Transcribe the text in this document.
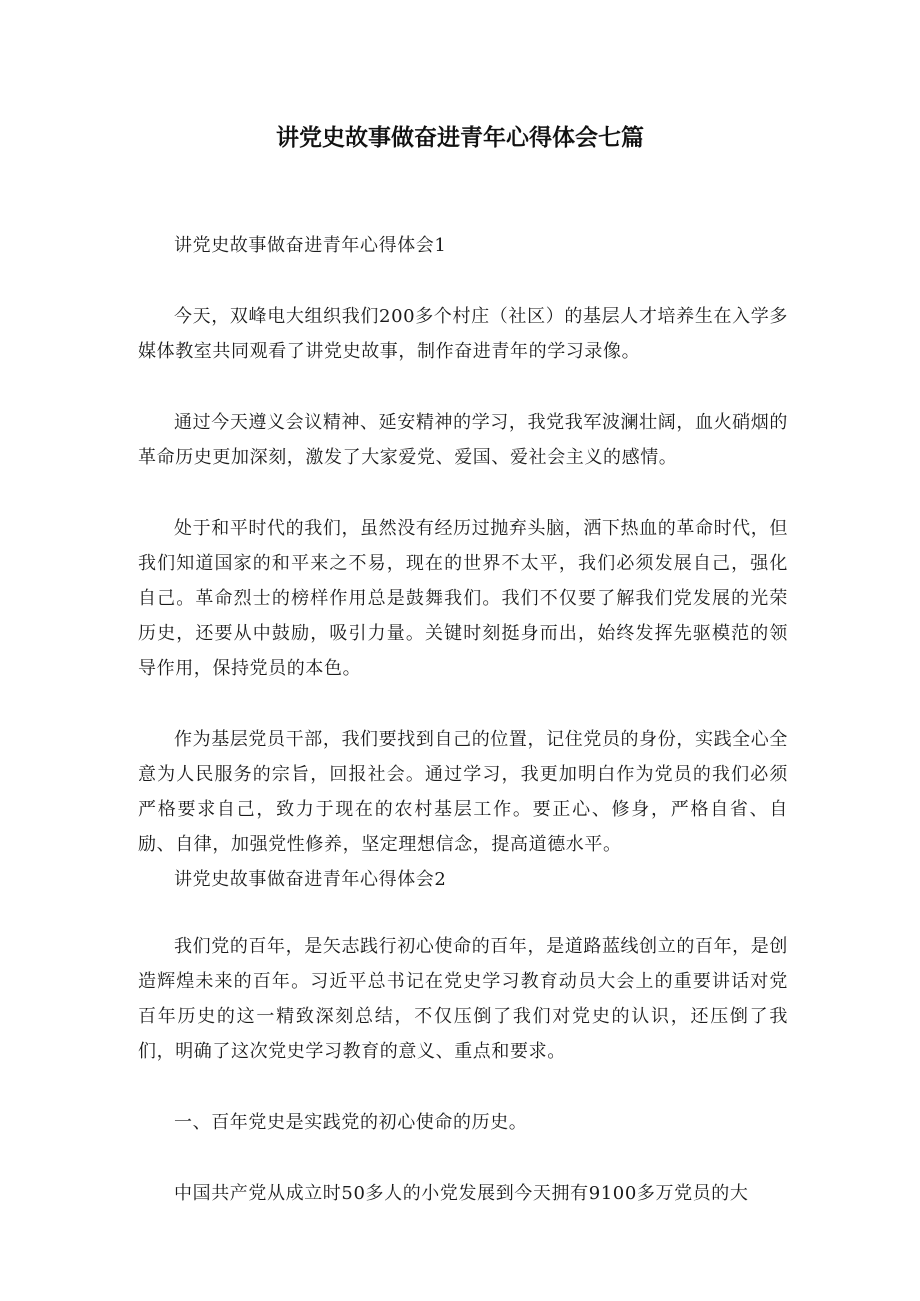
讲党史故事做奋进青年心得体会七篇

讲党史故事做奋进青年心得体会1

今天，双峰电大组织我们200多个村庄（社区）的基层人才培养生在入学多媒体教室共同观看了讲党史故事，制作奋进青年的学习录像。

通过今天遵义会议精神、延安精神的学习，我党我军波澜壮阔，血火硝烟的革命历史更加深刻，激发了大家爱党、爱国、爱社会主义的感情。

处于和平时代的我们，虽然没有经历过抛弃头脑，洒下热血的革命时代，但我们知道国家的和平来之不易，现在的世界不太平，我们必须发展自己，强化自己。革命烈士的榜样作用总是鼓舞我们。我们不仅要了解我们党发展的光荣历史，还要从中鼓励，吸引力量。关键时刻挺身而出，始终发挥先驱模范的领导作用，保持党员的本色。

作为基层党员干部，我们要找到自己的位置，记住党员的身份，实践全心全意为人民服务的宗旨，回报社会。通过学习，我更加明白作为党员的我们必须严格要求自己，致力于现在的农村基层工作。要正心、修身，严格自省、自励、自律，加强党性修养，坚定理想信念，提高道德水平。

讲党史故事做奋进青年心得体会2

我们党的百年，是矢志践行初心使命的百年，是道路蓝线创立的百年，是创造辉煌未来的百年。习近平总书记在党史学习教育动员大会上的重要讲话对党百年历史的这一精致深刻总结，不仅压倒了我们对党史的认识，还压倒了我们，明确了这次党史学习教育的意义、重点和要求。

一、百年党史是实践党的初心使命的历史。

中国共产党从成立时50多人的小党发展到今天拥有9100多万党员的大
